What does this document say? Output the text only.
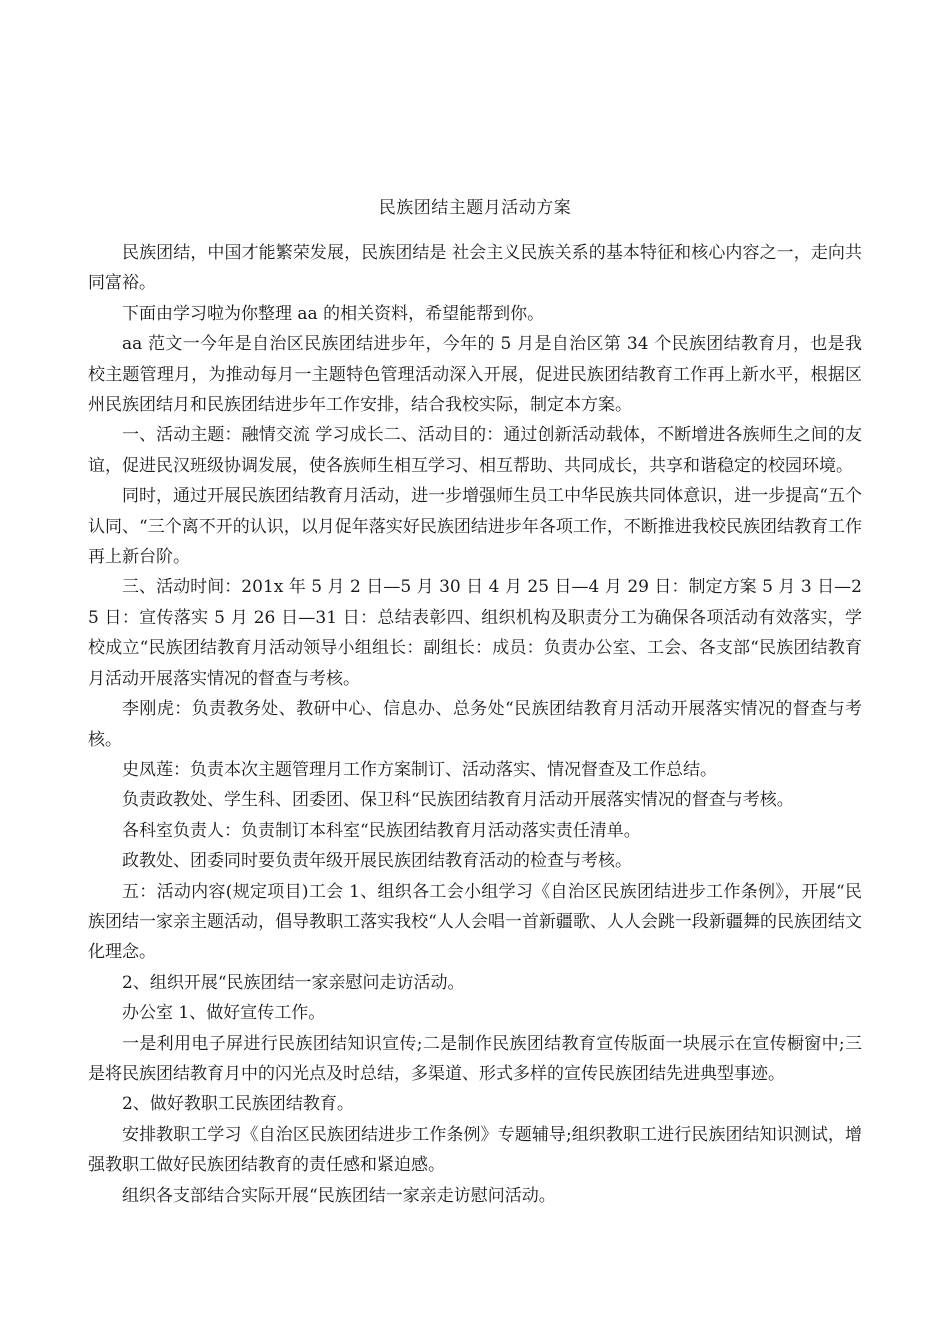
民族团结主题月活动方案

民族团结，中国才能繁荣发展，民族团结是 社会主义民族关系的基本特征和核心内容之一，走向共同富裕。

下面由学习啦为你整理 aa 的相关资料，希望能帮到你。

aa 范文一今年是自治区民族团结进步年，今年的 5 月是自治区第 34 个民族团结教育月，也是我校主题管理月，为推动每月一主题特色管理活动深入开展，促进民族团结教育工作再上新水平，根据区州民族团结月和民族团结进步年工作安排，结合我校实际，制定本方案。

一、活动主题：融情交流 学习成长二、活动目的：通过创新活动载体，不断增进各族师生之间的友谊，促进民汉班级协调发展，使各族师生相互学习、相互帮助、共同成长，共享和谐稳定的校园环境。

同时，通过开展民族团结教育月活动，进一步增强师生员工中华民族共同体意识，进一步提高“五个认同、“三个离不开的认识，以月促年落实好民族团结进步年各项工作，不断推进我校民族团结教育工作再上新台阶。

三、活动时间：201x 年 5 月 2 日—5 月 30 日 4 月 25 日—4 月 29 日：制定方案 5 月 3 日—25 日：宣传落实 5 月 26 日—31 日：总结表彰四、组织机构及职责分工为确保各项活动有效落实，学校成立“民族团结教育月活动领导小组组长：副组长：成员：负责办公室、工会、各支部“民族团结教育月活动开展落实情况的督查与考核。

李刚虎：负责教务处、教研中心、信息办、总务处“民族团结教育月活动开展落实情况的督查与考核。

史凤莲：负责本次主题管理月工作方案制订、活动落实、情况督查及工作总结。

负责政教处、学生科、团委团、保卫科“民族团结教育月活动开展落实情况的督查与考核。

各科室负责人：负责制订本科室“民族团结教育月活动落实责任清单。

政教处、团委同时要负责年级开展民族团结教育活动的检查与考核。

五：活动内容(规定项目)工会 1、组织各工会小组学习《自治区民族团结进步工作条例》，开展“民族团结一家亲主题活动，倡导教职工落实我校“人人会唱一首新疆歌、人人会跳一段新疆舞的民族团结文化理念。

2、组织开展“民族团结一家亲慰问走访活动。

办公室 1、做好宣传工作。

一是利用电子屏进行民族团结知识宣传;二是制作民族团结教育宣传版面一块展示在宣传橱窗中;三是将民族团结教育月中的闪光点及时总结，多渠道、形式多样的宣传民族团结先进典型事迹。

2、做好教职工民族团结教育。

安排教职工学习《自治区民族团结进步工作条例》专题辅导;组织教职工进行民族团结知识测试，增强教职工做好民族团结教育的责任感和紧迫感。

组织各支部结合实际开展“民族团结一家亲走访慰问活动。
